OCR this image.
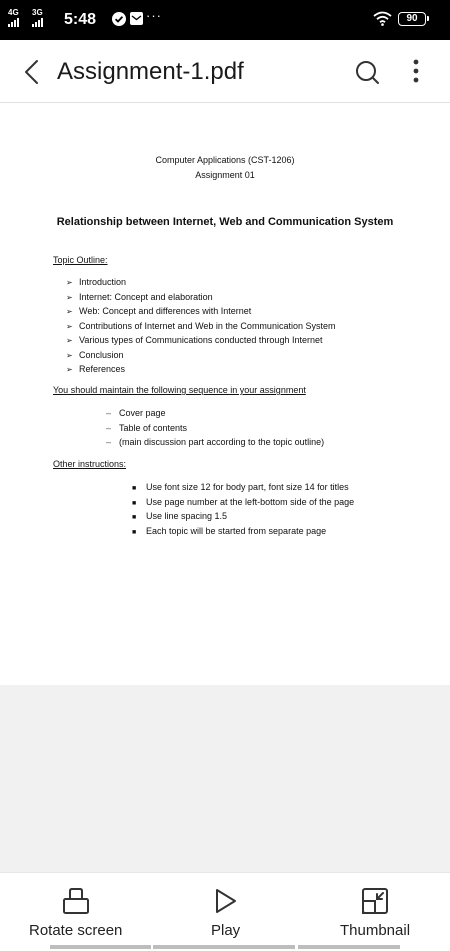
4G 3G 5:48	···	90
Assignment-1.pdf
Computer Applications (CST-1206)
Assignment 01
Relationship between Internet, Web and Communication System
Topic Outline:
➢ Introduction
➢ Internet: Concept and elaboration
➢ Web: Concept and differences with Internet
➢ Contributions of Internet and Web in the Communication System
➢ Various types of Communications conducted through Internet
➢ Conclusion
➢ References
You should maintain the following sequence in your assignment
– Cover page
– Table of contents
– (main discussion part according to the topic outline)
Other instructions:
■ Use font size 12 for body part, font size 14 for titles
■ Use page number at the left-bottom side of the page
■ Use line spacing 1.5
■ Each topic will be started from separate page
Rotate screen	Play	Thumbnail
